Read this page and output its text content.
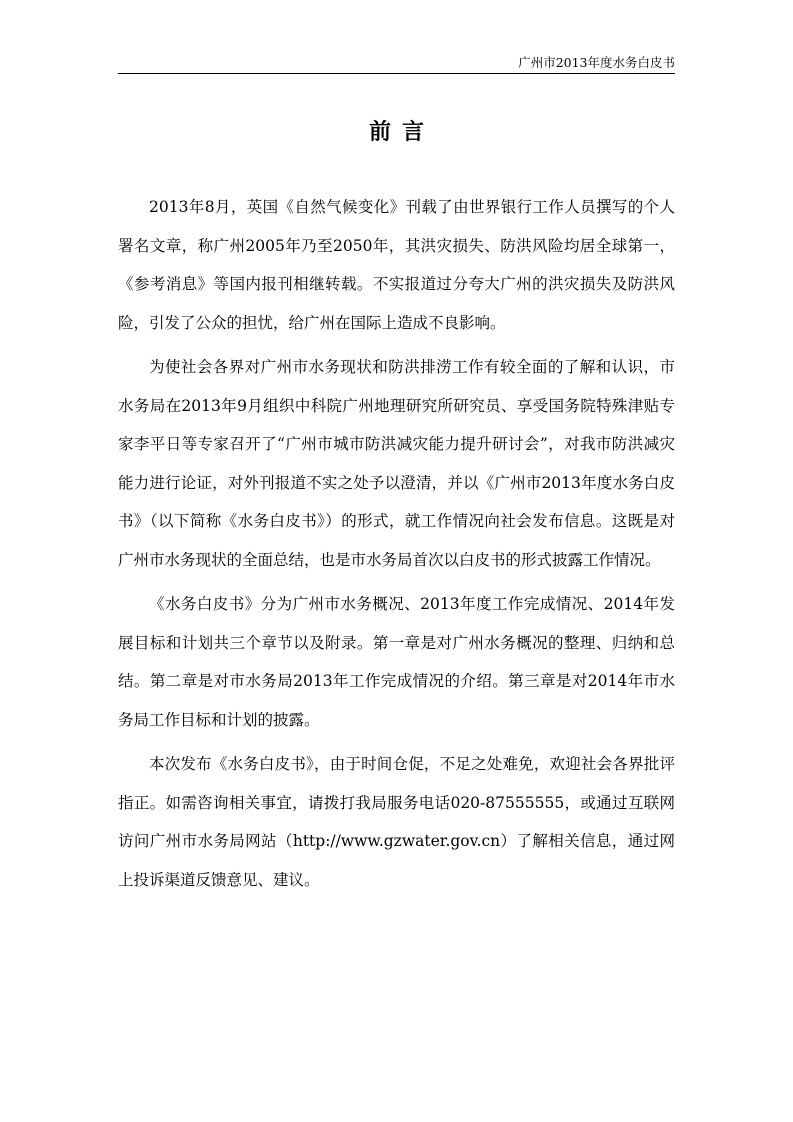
广州市2013年度水务白皮书
前言

2013年8月，英国《自然气候变化》刊载了由世界银行工作人员撰写的个人署名文章，称广州2005年乃至2050年，其洪灾损失、防洪风险均居全球第一，《参考消息》等国内报刊相继转载。不实报道过分夸大广州的洪灾损失及防洪风险，引发了公众的担忧，给广州在国际上造成不良影响。

为使社会各界对广州市水务现状和防洪排涝工作有较全面的了解和认识，市水务局在2013年9月组织中科院广州地理研究所研究员、享受国务院特殊津贴专家李平日等专家召开了“广州市城市防洪减灾能力提升研讨会”，对我市防洪减灾能力进行论证，对外刊报道不实之处予以澄清，并以《广州市2013年度水务白皮书》（以下简称《水务白皮书》）的形式，就工作情况向社会发布信息。这既是对广州市水务现状的全面总结，也是市水务局首次以白皮书的形式披露工作情况。

《水务白皮书》分为广州市水务概况、2013年度工作完成情况、2014年发展目标和计划共三个章节以及附录。第一章是对广州水务概况的整理、归纳和总结。第二章是对市水务局2013年工作完成情况的介绍。第三章是对2014年市水务局工作目标和计划的披露。

本次发布《水务白皮书》，由于时间仓促，不足之处难免，欢迎社会各界批评指正。如需咨询相关事宜，请拨打我局服务电话020-87555555，或通过互联网访问广州市水务局网站（http://www.gzwater.gov.cn）了解相关信息，通过网上投诉渠道反馈意见、建议。
